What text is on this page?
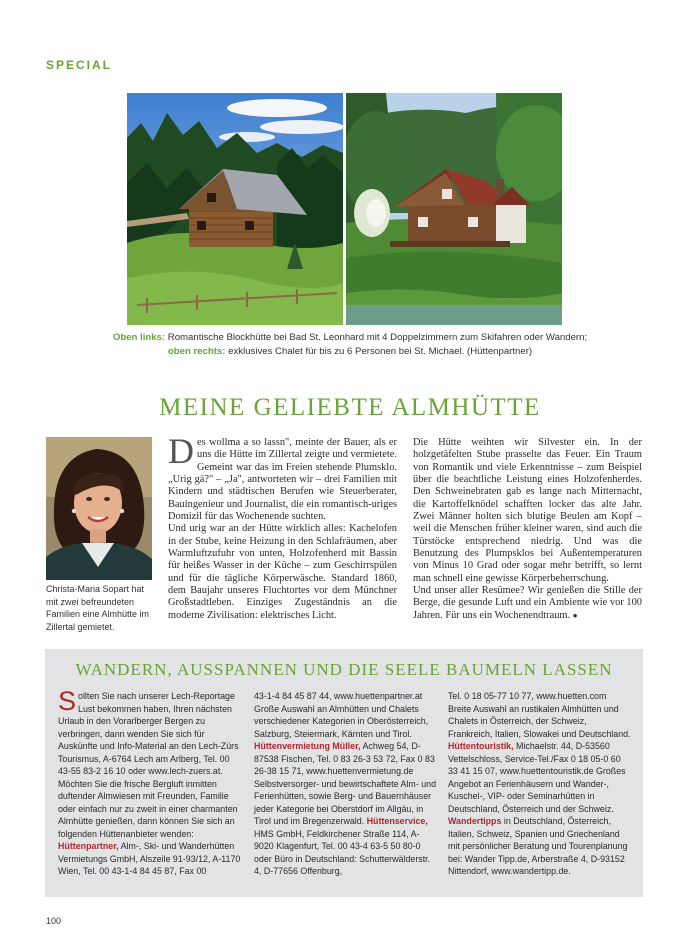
SPECIAL
Oben links: Romantische Blockhütte bei Bad St. Leonhard mit 4 Doppelzimmern zum Skifahren oder Wandern; oben rechts: exklusives Chalet für bis zu 6 Personen bei St. Michael. (Hüttenpartner)
MEINE GELIEBTE ALMHÜTTE
Christa-Maria Sopart hat mit zwei befreundeten Familien eine Almhütte im Zillertal gemietet.

Des wollma a so lassn", meinte der Bauer, als er uns die Hütte im Zillertal zeigte und vermietete. Gemeint war das im Freien stehende Plumsklo. „Urig gä?" – „Ja", antworteten wir – drei Familien mit Kindern und städtischen Berufen wie Steuerberater, Bauingenieur und Journalist, die ein romantisch-uriges Domizil für das Wochenende suchten.

Und urig war an der Hütte wirklich alles: Kachelofen in der Stube, keine Heizung in den Schlafräumen, aber Warmluftzufuhr von unten, Holzofenherd mit Bassin für heißes Wasser in der Küche – zum Geschirrspülen und für die tägliche Körperwäsche. Standard 1860, dem Baujahr unseres Fluchtortes vor dem Münchner Großstadtleben. Einziges Zugeständnis an die moderne Zivilisation: elektrisches Licht.

Die Hütte weihten wir Silvester ein. In der holzgetäfelten Stube prasselte das Feuer. Ein Traum von Romantik und viele Erkenntnisse – zum Beispiel über die beachtliche Leistung eines Holzofenherdes. Den Schweinebraten gab es lange nach Mitternacht, die Kartoffelknödel schafften locker das alte Jahr. Zwei Männer holten sich blutige Beulen am Kopf – weil die Menschen früher kleiner waren, sind auch die Türstöcke entsprechend niedrig. Und was die Benutzung des Plumpsklos bei Außentemperaturen von Minus 10 Grad oder sogar mehr betrifft, so lernt man schnell eine gewisse Körperbeherrschung.

Und unser aller Resümee? Wir genießen die Stille der Berge, die gesunde Luft und ein Ambiente wie vor 100 Jahren. Für uns ein Wochenendtraum. ●

WANDERN, AUSSPANNEN UND DIE SEELE BAUMELN LASSEN

Sollten Sie nach unserer Lech-Reportage Lust bekommen haben, Ihren nächsten Urlaub in den Vorarlberger Bergen zu verbringen, dann wenden Sie sich für Auskünfte und Info-Material an den Lech-Zürs Tourismus, A-6764 Lech am Arlberg, Tel. 00 43-55 83-2 16 10 oder www.lech-zuers.at. Möchten Sie die frische Bergluft inmitten duftender Almwiesen mit Freunden, Familie oder einfach nur zu zweit in einer charmanten Almhütte genießen, dann können Sie sich an folgenden Hüttenanbieter wenden: Hüttenpartner, Alm-, Ski- und Wanderhütten Vermietungs GmbH, Alszeile 91-93/12, A-1170 Wien, Tel. 00 43-1-4 84 45 87, Fax 00

43-1-4 84 45 87 44, www.huettenpartner.at Große Auswahl an Almhütten und Chalets verschiedener Kategorien in Oberösterreich, Salzburg, Steiermark, Kärnten und Tirol. Hüttenvermietung Müller, Achweg 54, D-87538 Fischen, Tel. 0 83 26-3 53 72, Fax 0 83 26-38 15 71, www.huettenvermietung.de Selbstversorger- und bewirtschaftete Alm- und Ferienhütten, sowie Berg- und Bauernhäuser jeder Kategorie bei Oberstdorf im Allgäu, in Tirol und im Bregenzerwald. Hüttenservice, HMS GmbH, Feldkirchener Straße 114, A-9020 Klagenfurt, Tel. 00 43-4 63-5 50 80-0 oder Büro in Deutschland: Schutterwälderstr. 4, D-77656 Offenburg,

Tel. 0 18 05-77 10 77, www.huetten.com Breite Auswahl an rustikalen Almhütten und Chalets in Österreich, der Schweiz, Frankreich, Italien, Slowakei und Deutschland. Hüttentouristik, Michaelstr. 44, D-53560 Vettelschloss, Service-Tel./Fax 0 18 05-0 60 33 41 15 07, www.huettentouristik.de Großes Angebot an Ferienhäusern und Wander-, Kuschel-, VIP- oder Seminarhütten in Deutschland, Österreich und der Schweiz. Wandertipps in Deutschland, Österreich, Italien, Schweiz, Spanien und Griechenland mit persönlicher Beratung und Tourenplanung bei: Wander Tipp.de, Arberstraße 4, D-93152 Nittendorf, www.wandertipp.de.

100
